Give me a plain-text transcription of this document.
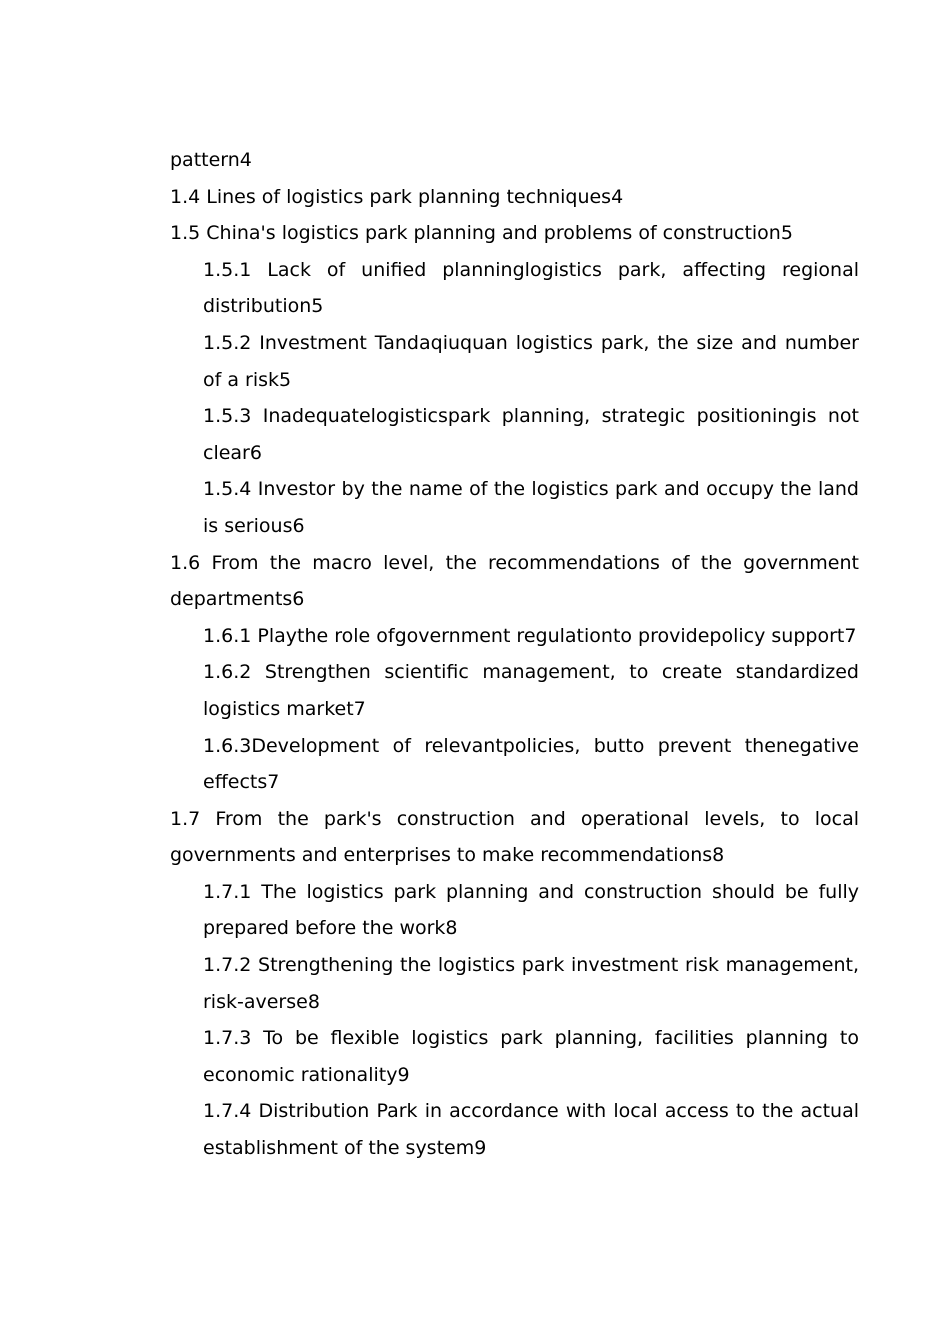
pattern4

1.4 Lines of logistics park planning techniques4

1.5 China's logistics park planning and problems of construction5

1.5.1 Lack of unified planninglogistics park, affecting regional distribution5

1.5.2 Investment Tandaqiuquan logistics park, the size and number of a risk5

1.5.3 Inadequatelogisticspark planning, strategic positioningis not clear6

1.5.4 Investor by the name of the logistics park and occupy the land is serious6

1.6 From the macro level, the recommendations of the government departments6

1.6.1 Playthe role ofgovernment regulationto providepolicy support7

1.6.2 Strengthen scientific management, to create standardized logistics market7

1.6.3Development of relevantpolicies, butto prevent thenegative effects7

1.7 From the park's construction and operational levels, to local governments and enterprises to make recommendations8

1.7.1 The logistics park planning and construction should be fully prepared before the work8

1.7.2 Strengthening the logistics park investment risk management, risk-averse8

1.7.3 To be flexible logistics park planning, facilities planning to economic rationality9

1.7.4 Distribution Park in accordance with local access to the actual establishment of the system9
